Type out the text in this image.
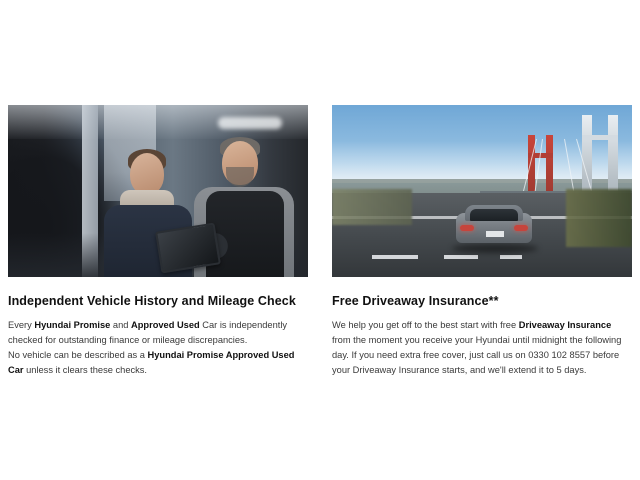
Independent Vehicle History and Mileage Check

Every Hyundai Promise and Approved Used Car is independently checked for outstanding finance or mileage discrepancies.

No vehicle can be described as a Hyundai Promise Approved Used Car unless it clears these checks.

Free Driveaway Insurance**

We help you get off to the best start with free Driveaway Insurance from the moment you receive your Hyundai until midnight the following day. If you need extra free cover, just call us on 0330 102 8557 before your Driveaway Insurance starts, and we'll extend it to 5 days.
